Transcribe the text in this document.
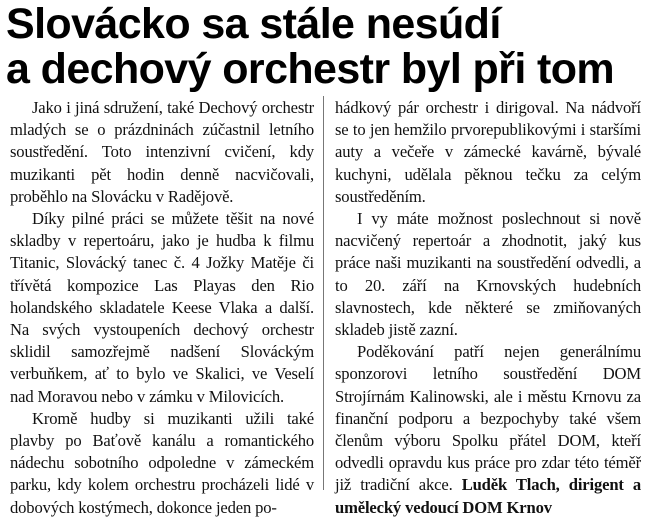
Slovácko sa stále nesúdí
a dechový orchestr byl při tom

Jako i jiná sdružení, také Dechový orchestr mladých se o prázdninách zúčastnil letního soustředění. Toto intenzivní cvičení, kdy muzikanti pět hodin denně nacvičovali, proběhlo na Slovácku v Radějově.

Díky pilné práci se můžete těšit na nové skladby v repertoáru, jako je hudba k filmu Titanic, Slovácký tanec č. 4 Jožky Matěje či třívětá kompozice Las Playas den Rio holandského skladatele Keese Vlaka a další. Na svých vystoupeních dechový orchestr sklidil samozřejmě nadšení Slováckým verbuňkem, ať to bylo ve Skalici, ve Veselí nad Moravou nebo v zámku v Milovicích.

Kromě hudby si muzikanti užili také plavby po Baťově kanálu a romantického nádechu sobotního odpoledne v zámeckém parku, kdy kolem orchestru procházeli lidé v dobových kostýmech, dokonce jeden po-

hádkový pár orchestr i dirigoval. Na nádvoří se to jen hemžilo prvorepublikovými i staršími auty a večeře v zámecké kavárně, bývalé kuchyni, udělala pěknou tečku za celým soustředěním.

I vy máte možnost poslechnout si nově nacvičený repertoár a zhodnotit, jaký kus práce naši muzikanti na soustředění odvedli, a to 20. září na Krnovských hudebních slavnostech, kde některé se zmiňovaných skladeb jistě zazní.

Poděkování patří nejen generálnímu sponzorovi letního soustředění DOM Strojírnám Kalinowski, ale i městu Krnovu za finanční podporu a bezpochyby také všem členům výboru Spolku přátel DOM, kteří odvedli opravdu kus práce pro zdar této téměř již tradiční akce. Luděk Tlach, dirigent a umělecký vedoucí DOM Krnov
